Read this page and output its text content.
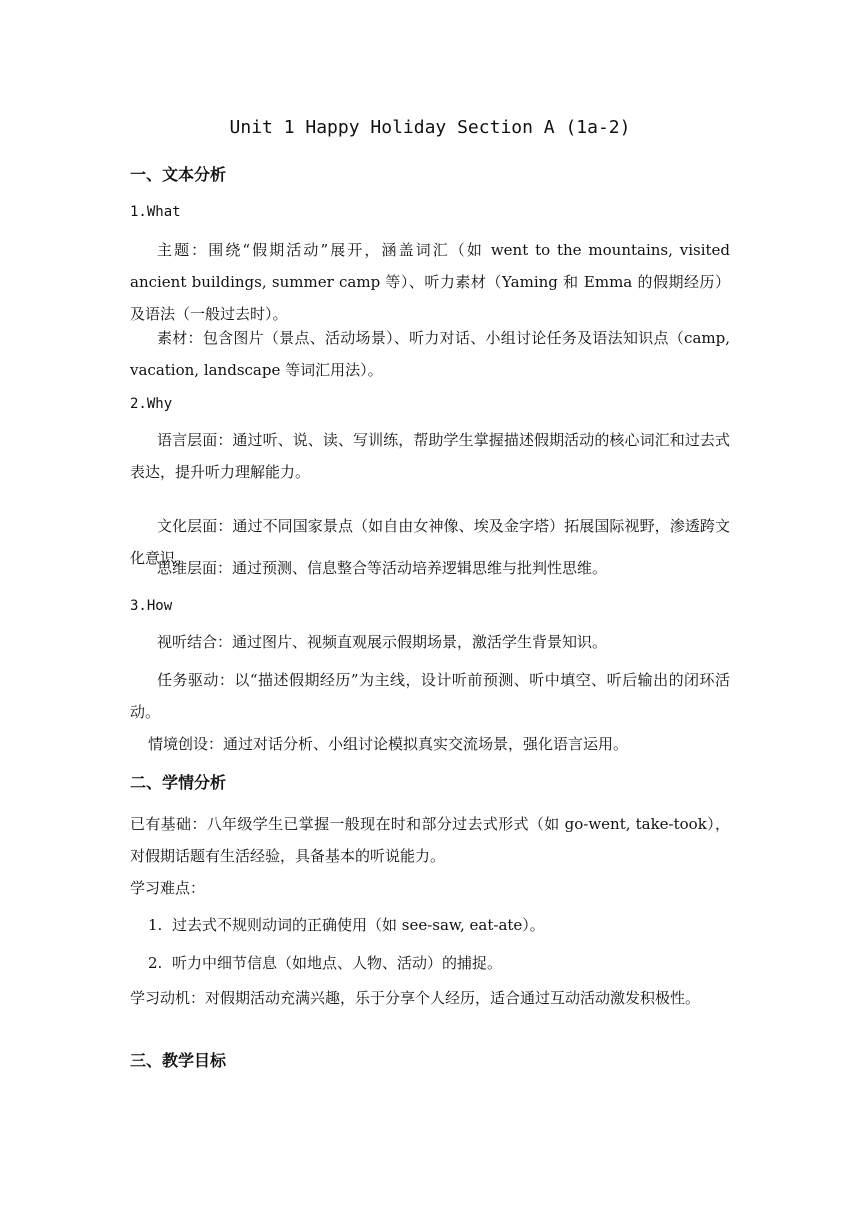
Unit 1 Happy Holiday Section A (1a-2)
一、文本分析
1.What
主题：围绕“假期活动”展开，涵盖词汇（如 went to the mountains, visited ancient buildings, summer camp 等）、听力素材（Yaming 和 Emma 的假期经历）及语法（一般过去时）。
素材：包含图片（景点、活动场景）、听力对话、小组讨论任务及语法知识点（camp, vacation, landscape 等词汇用法）。
2.Why
语言层面：通过听、说、读、写训练，帮助学生掌握描述假期活动的核心词汇和过去式表达，提升听力理解能力。
文化层面：通过不同国家景点（如自由女神像、埃及金字塔）拓展国际视野，渗透跨文化意识。
思维层面：通过预测、信息整合等活动培养逻辑思维与批判性思维。
3.How
视听结合：通过图片、视频直观展示假期场景，激活学生背景知识。
任务驱动：以“描述假期经历”为主线，设计听前预测、听中填空、听后输出的闭环活动。
情境创设：通过对话分析、小组讨论模拟真实交流场景，强化语言运用。
二、学情分析
已有基础：八年级学生已掌握一般现在时和部分过去式形式（如 go-went, take-took），对假期话题有生活经验，具备基本的听说能力。
学习难点：
1. 过去式不规则动词的正确使用（如 see-saw, eat-ate）。
2. 听力中细节信息（如地点、人物、活动）的捕捉。
学习动机：对假期活动充满兴趣，乐于分享个人经历，适合通过互动活动激发积极性。
三、教学目标
